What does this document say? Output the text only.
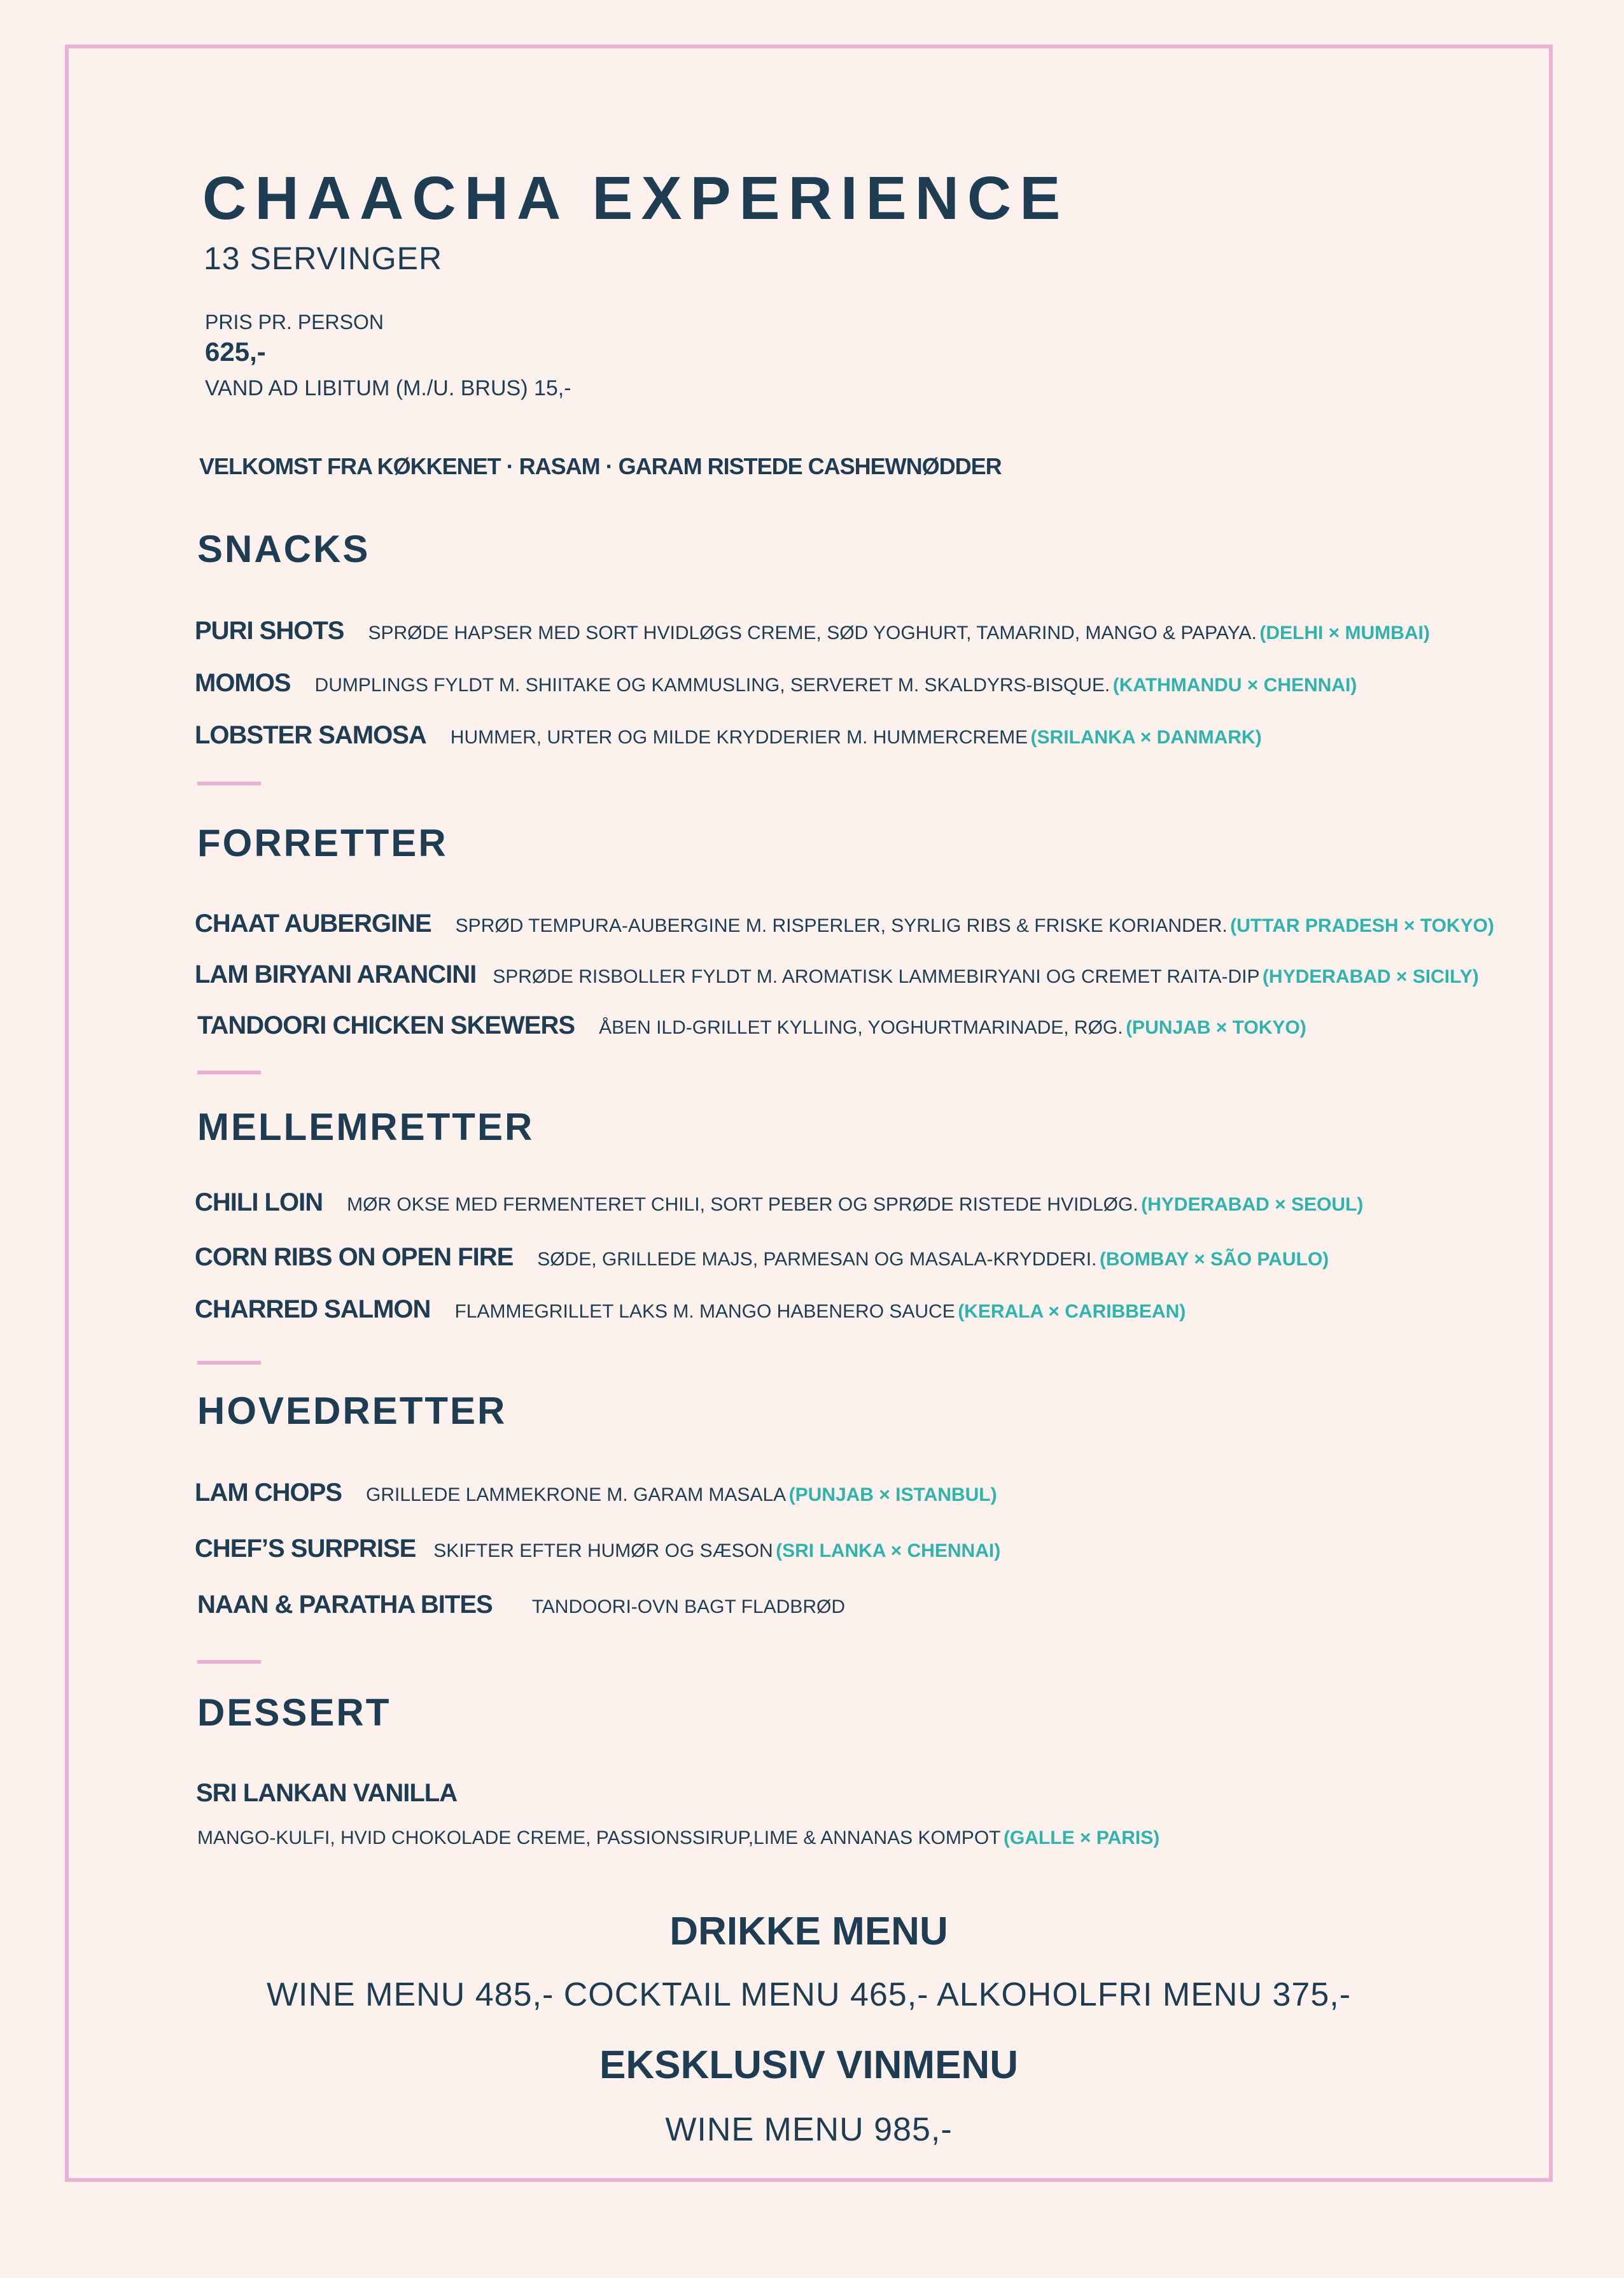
CHAACHA EXPERIENCE
13 SERVINGER
PRIS PR. PERSON
625,-
VAND AD LIBITUM (M./U. BRUS) 15,-
VELKOMST FRA KØKKENET · RASAM · GARAM RISTEDE CASHEWNØDDER
SNACKS
PURI SHOTS SPRØDE HAPSER MED SORT HVIDLØGS CREME, SØD YOGHURT, TAMARIND, MANGO & PAPAYA. (DELHI × MUMBAI)
MOMOS DUMPLINGS FYLDT M. SHIITAKE OG KAMMUSLING, SERVERET M. SKALDYRS-BISQUE. (KATHMANDU × CHENNAI)
LOBSTER SAMOSA HUMMER, URTER OG MILDE KRYDDERIER M. HUMMERCREME (SRILANKA × DANMARK)
FORRETTER
CHAAT AUBERGINE SPRØD TEMPURA-AUBERGINE M. RISPERLER, SYRLIG RIBS & FRISKE KORIANDER. (UTTAR PRADESH × TOKYO)
LAM BIRYANI ARANCINI SPRØDE RISBOLLER FYLDT M. AROMATISK LAMMEBIRYANI OG CREMET RAITA-DIP (HYDERABAD × SICILY)
TANDOORI CHICKEN SKEWERS ÅBEN ILD-GRILLET KYLLING, YOGHURTMARINADE, RØG. (PUNJAB × TOKYO)
MELLEMRETTER
CHILI LOIN MØR OKSE MED FERMENTERET CHILI, SORT PEBER OG SPRØDE RISTEDE HVIDLØG. (HYDERABAD × SEOUL)
CORN RIBS ON OPEN FIRE SØDE, GRILLEDE MAJS, PARMESAN OG MASALA-KRYDDERI. (BOMBAY × SÃO PAULO)
CHARRED SALMON FLAMMEGRILLET LAKS M. MANGO HABENERO SAUCE (KERALA × CARIBBEAN)
HOVEDRETTER
LAM CHOPS GRILLEDE LAMMEKRONE M. GARAM MASALA (PUNJAB × ISTANBUL)
CHEF’S SURPRISE SKIFTER EFTER HUMØR OG SÆSON (SRI LANKA × CHENNAI)
NAAN & PARATHA BITES TANDOORI-OVN BAGT FLADBRØD
DESSERT
SRI LANKAN VANILLA
MANGO-KULFI, HVID CHOKOLADE CREME, PASSIONSSIRUP,LIME & ANNANAS KOMPOT (GALLE × PARIS)
DRIKKE MENU
WINE MENU 485,- COCKTAIL MENU 465,- ALKOHOLFRI MENU 375,-
EKSKLUSIV VINMENU
WINE MENU 985,-
